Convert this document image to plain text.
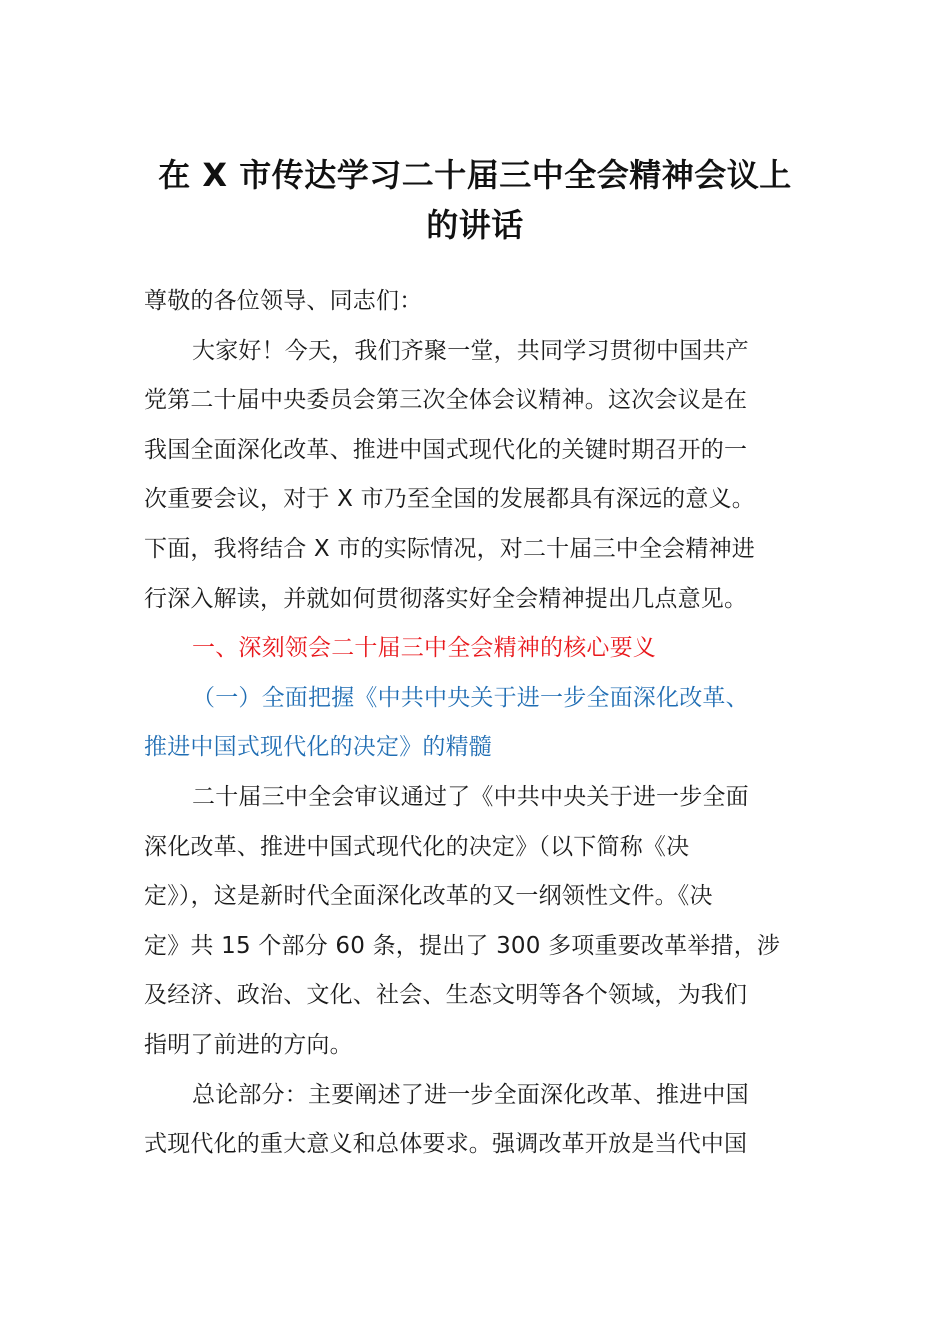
在 X 市传达学习二十届三中全会精神会议上
的讲话
尊敬的各位领导、同志们：
大家好！今天，我们齐聚一堂，共同学习贯彻中国共产
党第二十届中央委员会第三次全体会议精神。这次会议是在
我国全面深化改革、推进中国式现代化的关键时期召开的一
次重要会议，对于 X 市乃至全国的发展都具有深远的意义。
下面，我将结合 X 市的实际情况，对二十届三中全会精神进
行深入解读，并就如何贯彻落实好全会精神提出几点意见。
一、深刻领会二十届三中全会精神的核心要义
（一）全面把握《中共中央关于进一步全面深化改革、
推进中国式现代化的决定》的精髓
二十届三中全会审议通过了《中共中央关于进一步全面
深化改革、推进中国式现代化的决定》（以下简称《决
定》），这是新时代全面深化改革的又一纲领性文件。《决
定》共 15 个部分 60 条，提出了 300 多项重要改革举措，涉
及经济、政治、文化、社会、生态文明等各个领域，为我们
指明了前进的方向。
总论部分：主要阐述了进一步全面深化改革、推进中国
式现代化的重大意义和总体要求。强调改革开放是当代中国
